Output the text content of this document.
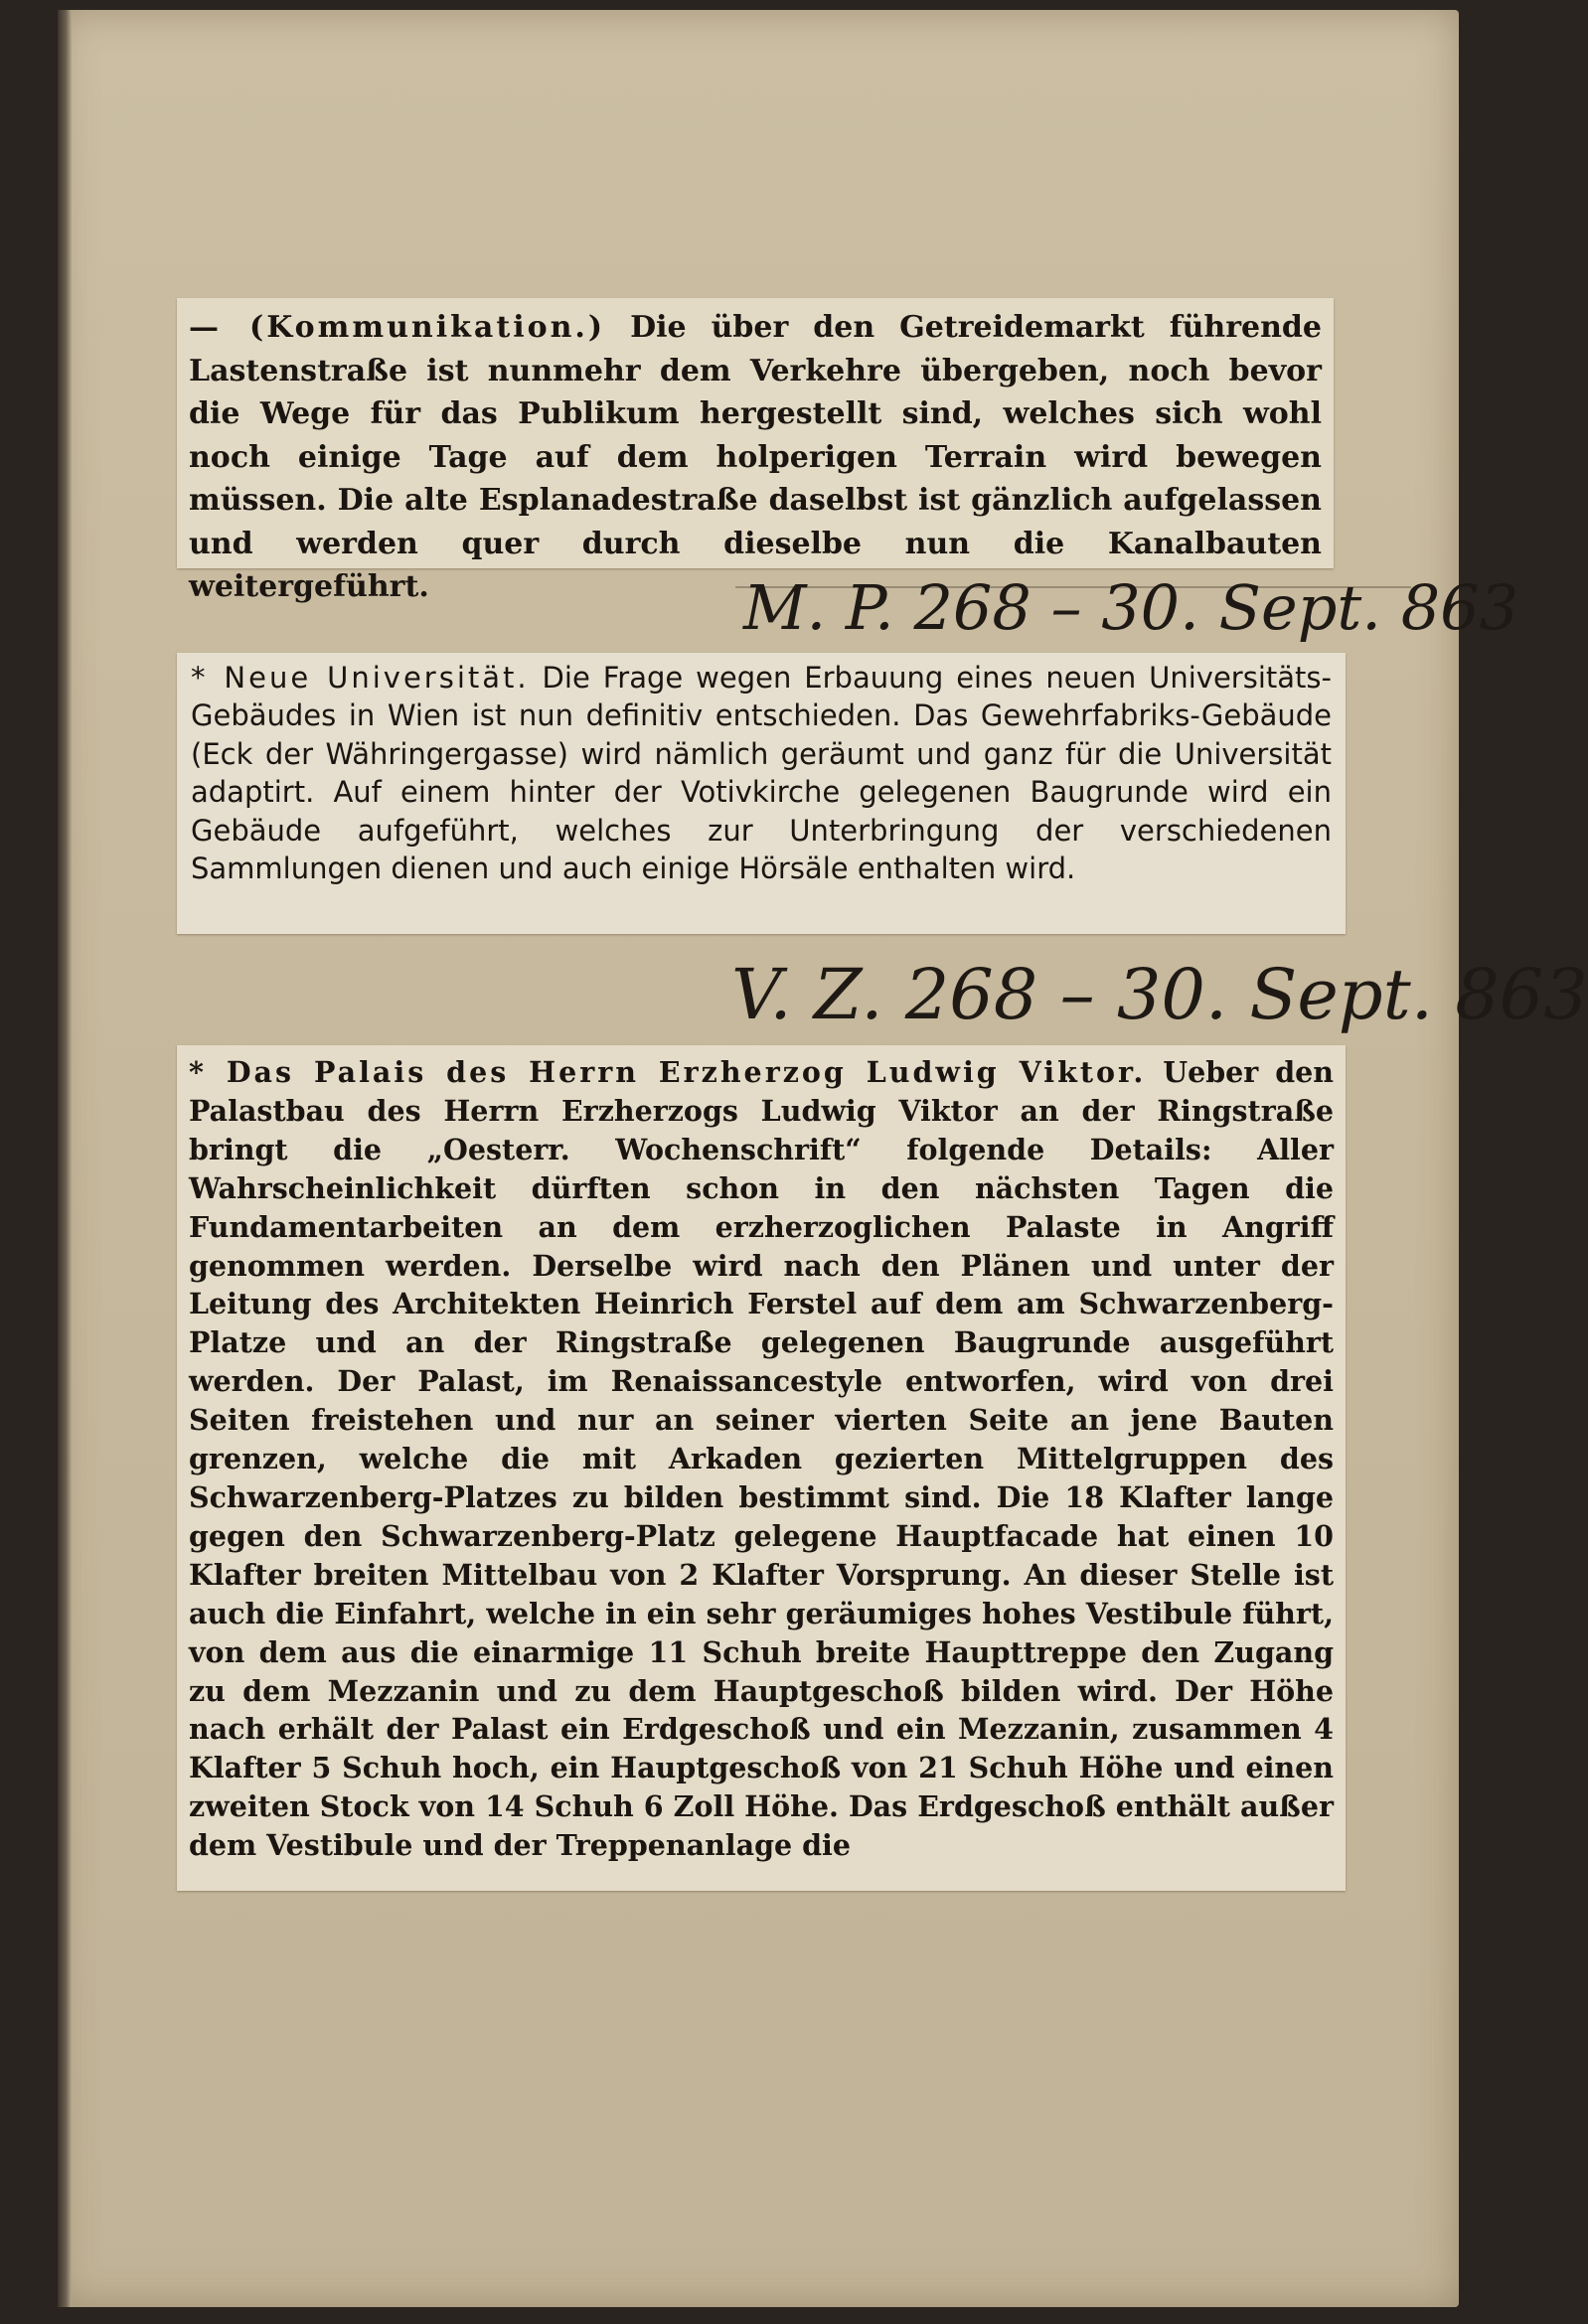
— (Kommunikation.) Die über den Getreidemarkt führende Lastenstraße ist nunmehr dem Verkehre übergeben, noch bevor die Wege für das Publikum hergestellt sind, welches sich wohl noch einige Tage auf dem holperigen Terrain wird bewegen müssen. Die alte Esplanadestraße daselbst ist gänzlich aufgelassen und werden quer durch dieselbe nun die Kanalbauten weitergeführt.	M. P. 268 – 30. Sept. 863

* Neue Universität. Die Frage wegen Erbauung eines neuen Universitäts-Gebäudes in Wien ist nun definitiv entschieden. Das Gewehrfabriks-Gebäude (Eck der Währingergasse) wird nämlich geräumt und ganz für die Universität adaptirt. Auf einem hinter der Votivkirche gelegenen Baugrunde wird ein Gebäude aufgeführt, welches zur Unterbringung der verschiedenen Sammlungen dienen und auch einige Hörsäle enthalten wird.

V. Z. 268 – 30. Sept. 863

* Das Palais des Herrn Erzherzog Ludwig Viktor. Ueber den Palastbau des Herrn Erzherzogs Ludwig Viktor an der Ringstraße bringt die „Oesterr. Wochenschrift“ folgende Details: Aller Wahrscheinlichkeit dürften schon in den nächsten Tagen die Fundamentarbeiten an dem erzherzoglichen Palaste in Angriff genommen werden. Derselbe wird nach den Plänen und unter der Leitung des Architekten Heinrich Ferstel auf dem am Schwarzenberg-Platze und an der Ringstraße gelegenen Baugrunde ausgeführt werden. Der Palast, im Renaissancestyle entworfen, wird von drei Seiten freistehen und nur an seiner vierten Seite an jene Bauten grenzen, welche die mit Arkaden gezierten Mittelgruppen des Schwarzenberg-Platzes zu bilden bestimmt sind. Die 18 Klafter lange gegen den Schwarzenberg-Platz gelegene Hauptfacade hat einen 10 Klafter breiten Mittelbau von 2 Klafter Vorsprung. An dieser Stelle ist auch die Einfahrt, welche in ein sehr geräumiges hohes Vestibule führt, von dem aus die einarmige 11 Schuh breite Haupttreppe den Zugang zu dem Mezzanin und zu dem Hauptgeschoß bilden wird. Der Höhe nach erhält der Palast ein Erdgeschoß und ein Mezzanin, zusammen 4 Klafter 5 Schuh hoch, ein Hauptgeschoß von 21 Schuh Höhe und einen zweiten Stock von 14 Schuh 6 Zoll Höhe. Das Erdgeschoß enthält außer dem Vestibule und der Treppenanlage die
